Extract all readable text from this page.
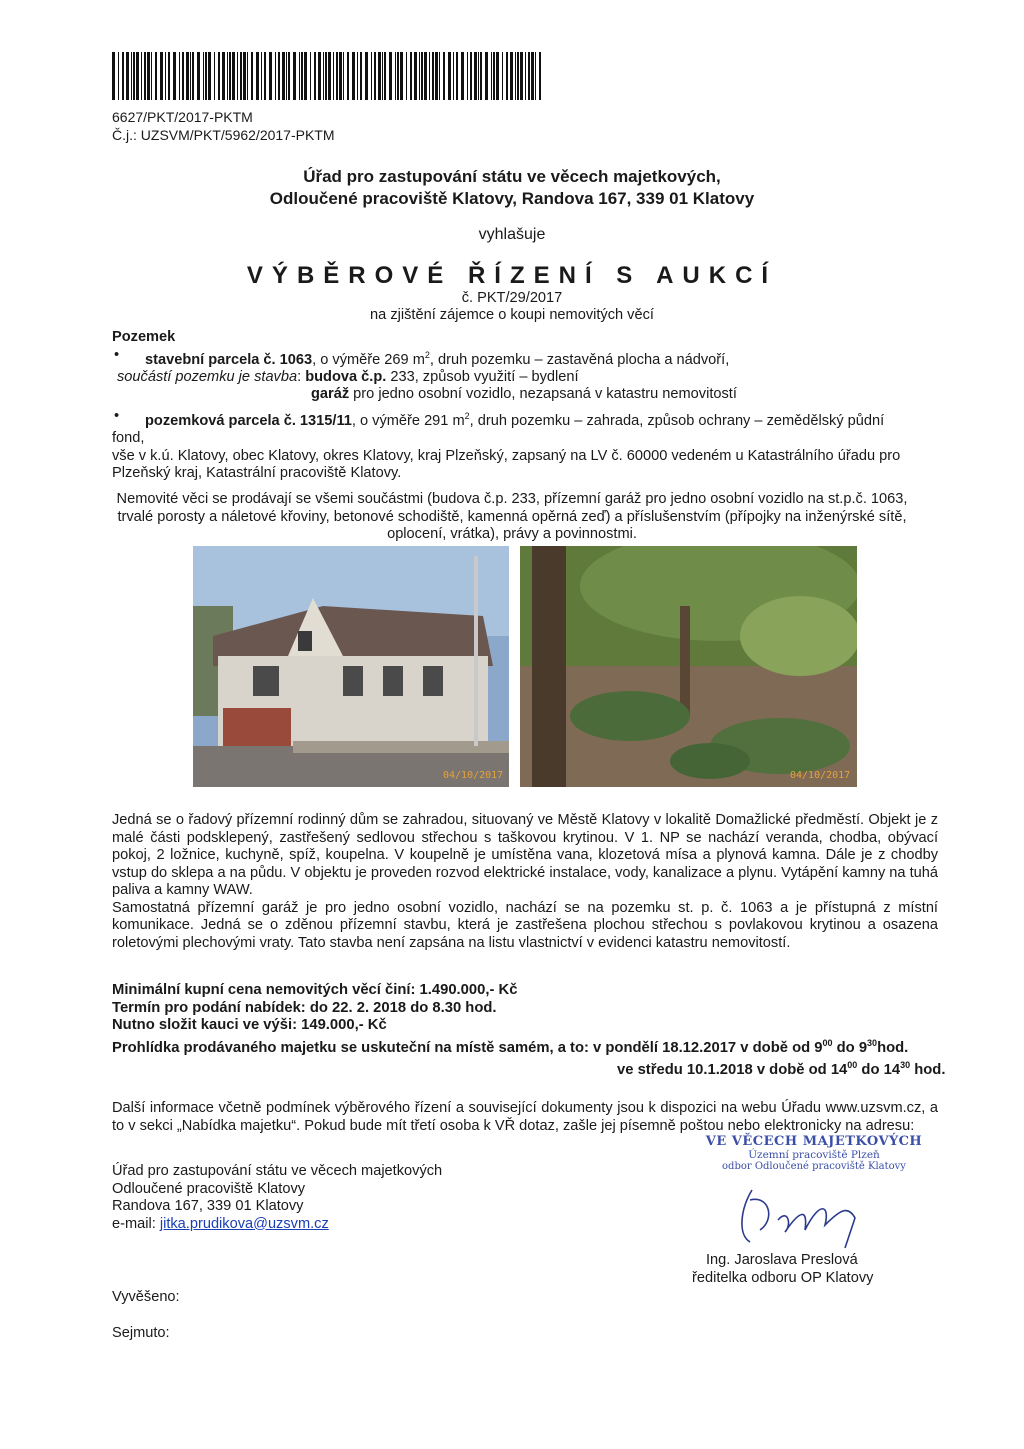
6627/PKT/2017-PKTM
Č.j.: UZSVM/PKT/5962/2017-PKTM
Úřad pro zastupování státu ve věcech majetkových,
Odloučené pracoviště Klatovy, Randova 167, 339 01 Klatovy
vyhlašuje
VÝBĚROVÉ ŘÍZENÍ S AUKCÍ
č. PKT/29/2017
na zjištění zájemce o koupi nemovitých věcí
Pozemek
• stavební parcela č. 1063, o výměře 269 $m^2$, druh pozemku – zastavěná plocha a nádvoří,
součástí pozemku je stavba: budova č.p. 233, způsob využití – bydlení
garáž pro jedno osobní vozidlo, nezapsaná v katastru nemovitostí
• pozemková parcela č. 1315/11, o výměře 291 $m^2$, druh pozemku – zahrada, způsob ochrany – zemědělský půdní
fond,
vše v k.ú. Klatovy, obec Klatovy, okres Klatovy, kraj Plzeňský, zapsaný na LV č. 60000 vedeném u Katastrálního úřadu pro Plzeňský kraj, Katastrální pracoviště Klatovy.
Nemovité věci se prodávají se všemi součástmi (budova č.p. 233, přízemní garáž pro jedno osobní vozidlo na st.p.č. 1063, trvalé porosty a náletové křoviny, betonové schodiště, kamenná opěrná zeď) a příslušenstvím (přípojky na inženýrské sítě, oplocení, vrátka), právy a povinnostmi.
04/10/2017	04/10/2017
Jedná se o řadový přízemní rodinný dům se zahradou, situovaný ve Městě Klatovy v lokalitě Domažlické předměstí. Objekt je z malé části podsklepený, zastřešený sedlovou střechou s taškovou krytinou. V 1. NP se nachází veranda, chodba, obývací pokoj, 2 ložnice, kuchyně, spíž, koupelna. V koupelně je umístěna vana, klozetová mísa a plynová kamna. Dále je z chodby vstup do sklepa a na půdu. V objektu je proveden rozvod elektrické instalace, vody, kanalizace a plynu. Vytápění kamny na tuhá paliva a kamny WAW.
Samostatná přízemní garáž je pro jedno osobní vozidlo, nachází se na pozemku st. p. č. 1063 a je přístupná z místní komunikace. Jedná se o zděnou přízemní stavbu, která je zastřešena plochou střechou s povlakovou krytinou a osazena roletovými plechovými vraty. Tato stavba není zapsána na listu vlastnictví v evidenci katastru nemovitostí.
Minimální kupní cena nemovitých věcí činí: 1.490.000,- Kč
Termín pro podání nabídek: do 22. 2. 2018 do 8.30 hod.
Nutno složit kauci ve výši: 149.000,- Kč
Prohlídka prodávaného majetku se uskuteční na místě samém, a to: v pondělí 18.12.2017 v době od $9^{00}$ do $9^{30}hod$.
ve středu 10.1.2018 v době od $14^{00}$ do $14^{30}$ hod.
Další informace včetně podmínek výběrového řízení a související dokumenty jsou k dispozici na webu Úřadu www.uzsvm.cz, a to v sekci „Nabídka majetku“. Pokud bude mít třetí osoba k VŘ dotaz, zašle jej písemně poštou nebo elektronicky na adresu:
Úřad pro zastupování státu ve věcech majetkových
Odloučené pracoviště Klatovy
Randova 167, 339 01 Klatovy
e-mail: jitka.prudikova@uzsvm.cz
VE VĚCECH MAJETKOVÝCH
Územní pracoviště Plzeň
odbor Odloučené pracoviště Klatovy
Ing. Jaroslava Preslová
ředitelka odboru OP Klatovy
Vyvěšeno:
Sejmuto:
